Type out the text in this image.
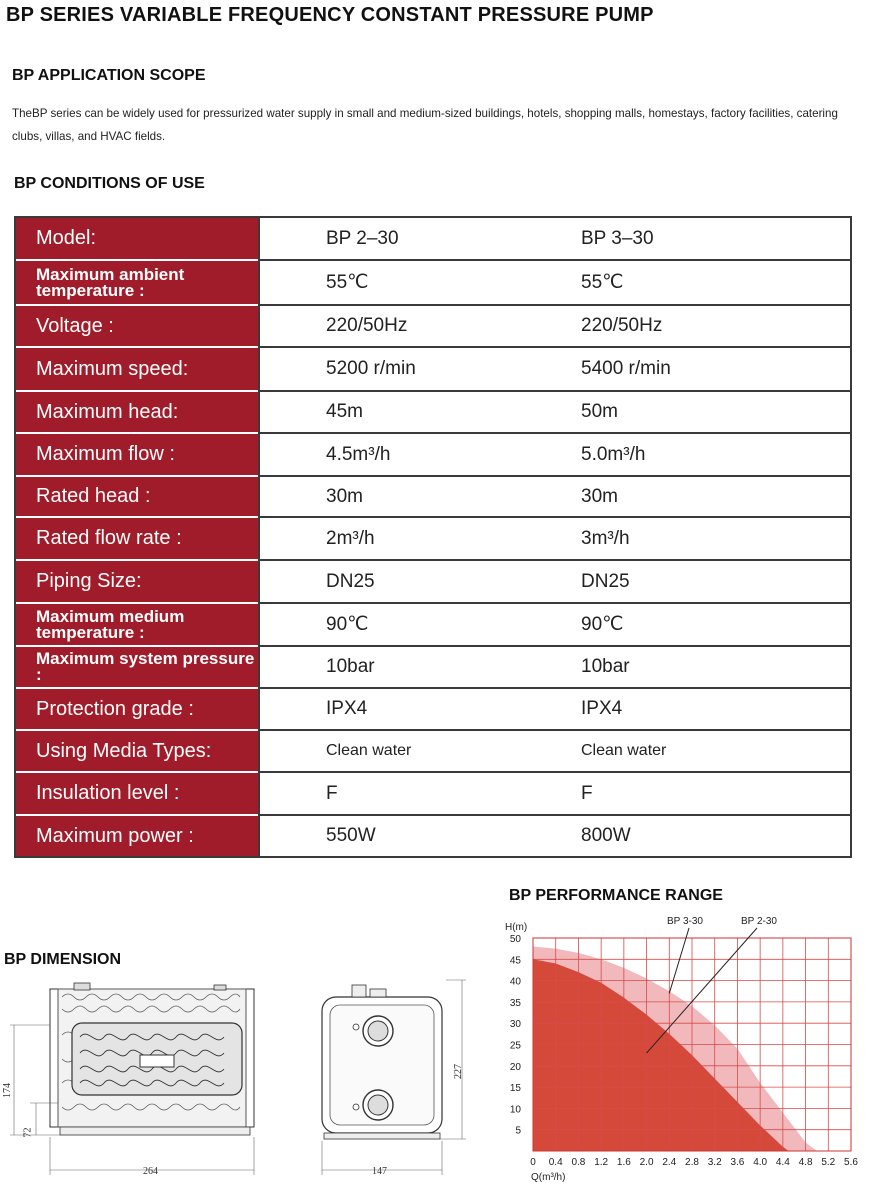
BP SERIES VARIABLE FREQUENCY CONSTANT PRESSURE PUMP
BP APPLICATION SCOPE
TheBP series can be widely used for pressurized water supply in small and medium-sized buildings, hotels, shopping malls, homestays, factory facilities, catering clubs, villas, and HVAC fields.
BP CONDITIONS OF USE
Model:	BP 2–30	BP 3–30
Maximum ambient temperature :	55℃	55℃
Voltage :	220/50Hz	220/50Hz
Maximum speed:	5200 r/min	5400 r/min
Maximum head:	45m	50m
Maximum flow :	4.5m³/h	5.0m³/h
Rated head :	30m	30m
Rated flow rate :	2m³/h	3m³/h
Piping Size:	DN25	DN25
Maximum medium temperature :	90℃	90℃
Maximum system pressure :	10bar	10bar
Protection grade :	IPX4	IPX4
Using Media Types:	Clean water	Clean water
Insulation level :	F	F
Maximum power :	550W	800W
BP DIMENSION
174
72
264
227
147
BP PERFORMANCE RANGE
5
10
15
20
25
30
35
40
45
50
0 0.4 0.8 1.2 1.6 2.0 2.4 2.8 3.2 3.6 4.0 4.4 4.8 5.2 5.6
H(m)
Q(m³/h)
BP 3-30	BP 2-30
